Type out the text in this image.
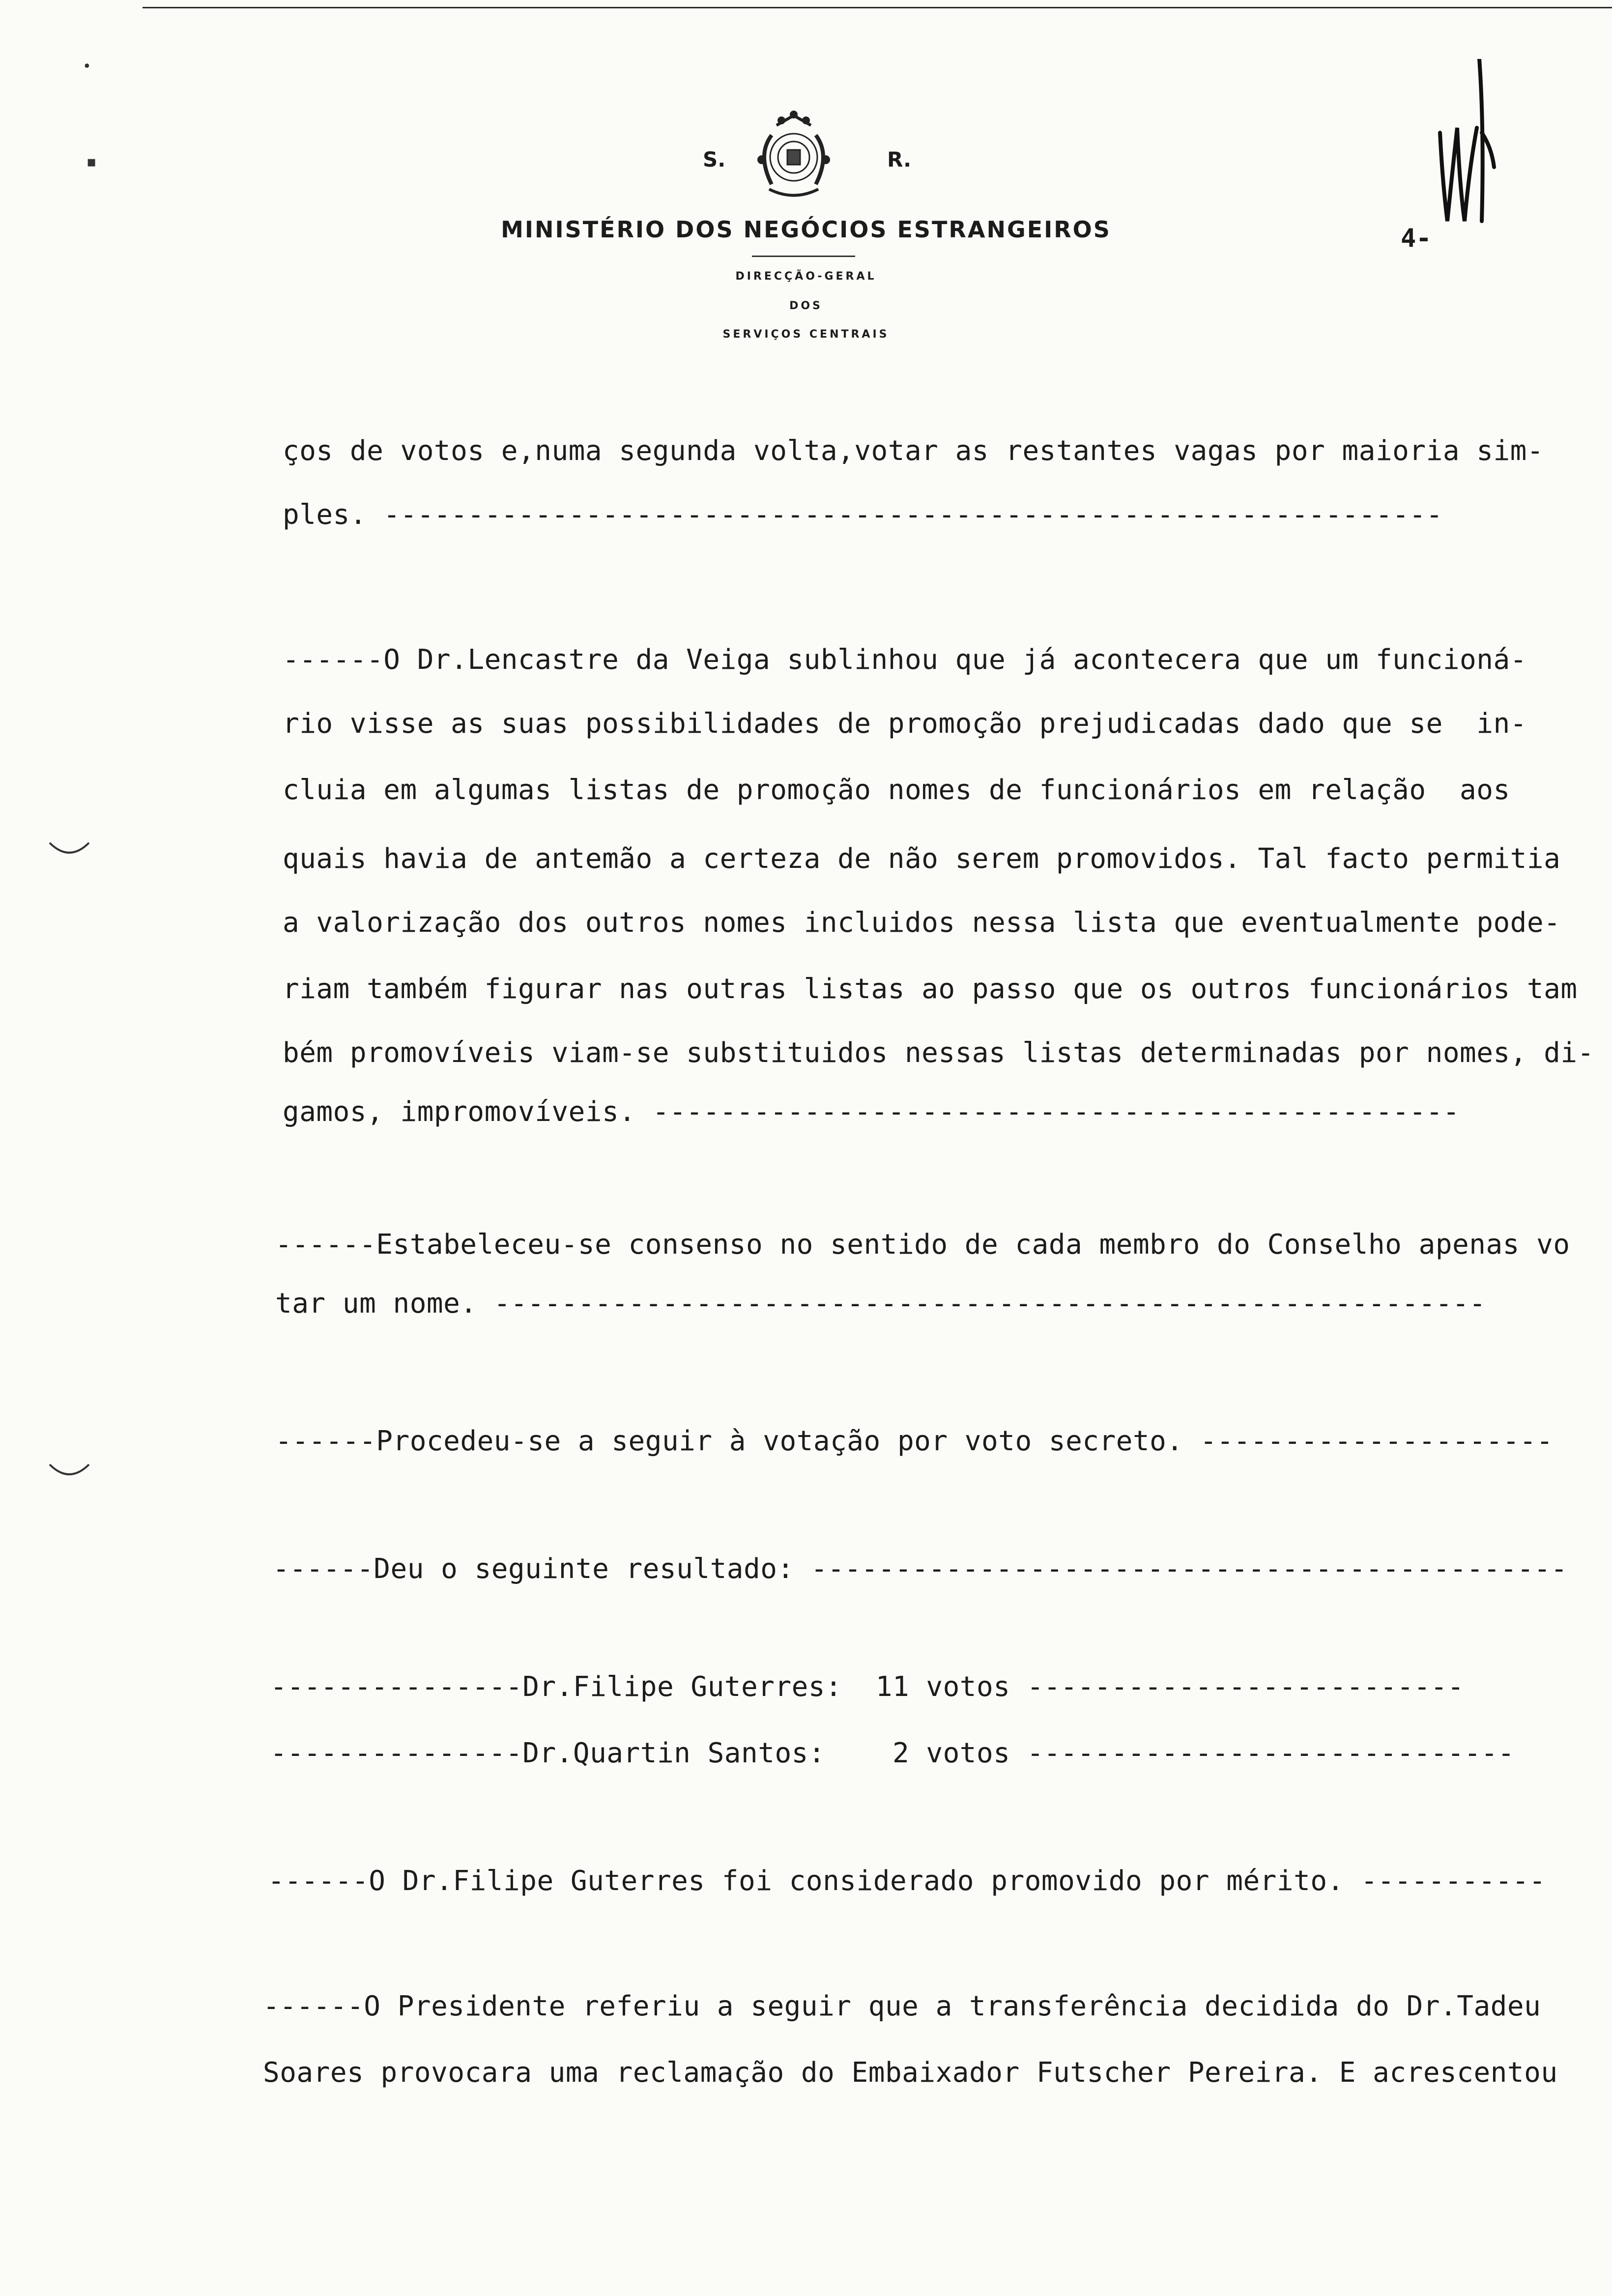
•
▪	S.	R.
MINISTÉRIO DOS NEGÓCIOS ESTRANGEIROS
DIRECÇÃO-GERAL
DOS
SERVIÇOS CENTRAIS
4-
ços de votos e,numa segunda volta,votar as restantes vagas por maioria sim-
ples. ---------------------------------------------------------------
------O Dr.Lencastre da Veiga sublinhou que já acontecera que um funcioná-
rio visse as suas possibilidades de promoção prejudicadas dado que se  in-
cluia em algumas listas de promoção nomes de funcionários em relação  aos
quais havia de antemão a certeza de não serem promovidos. Tal facto permitia
a valorização dos outros nomes incluidos nessa lista que eventualmente pode-
riam também figurar nas outras listas ao passo que os outros funcionários tam
bém promovíveis viam-se substituidos nessas listas determinadas por nomes, di-
gamos, impromovíveis. ------------------------------------------------
------Estabeleceu-se consenso no sentido de cada membro do Conselho apenas vo
tar um nome. -----------------------------------------------------------
------Procedeu-se a seguir à votação por voto secreto. ---------------------
------Deu o seguinte resultado: ---------------------------------------------
---------------Dr.Filipe Guterres:  11 votos --------------------------
---------------Dr.Quartin Santos:    2 votos -----------------------------
------O Dr.Filipe Guterres foi considerado promovido por mérito. -----------
------O Presidente referiu a seguir que a transferência decidida do Dr.Tadeu
Soares provocara uma reclamação do Embaixador Futscher Pereira. E acrescentou
